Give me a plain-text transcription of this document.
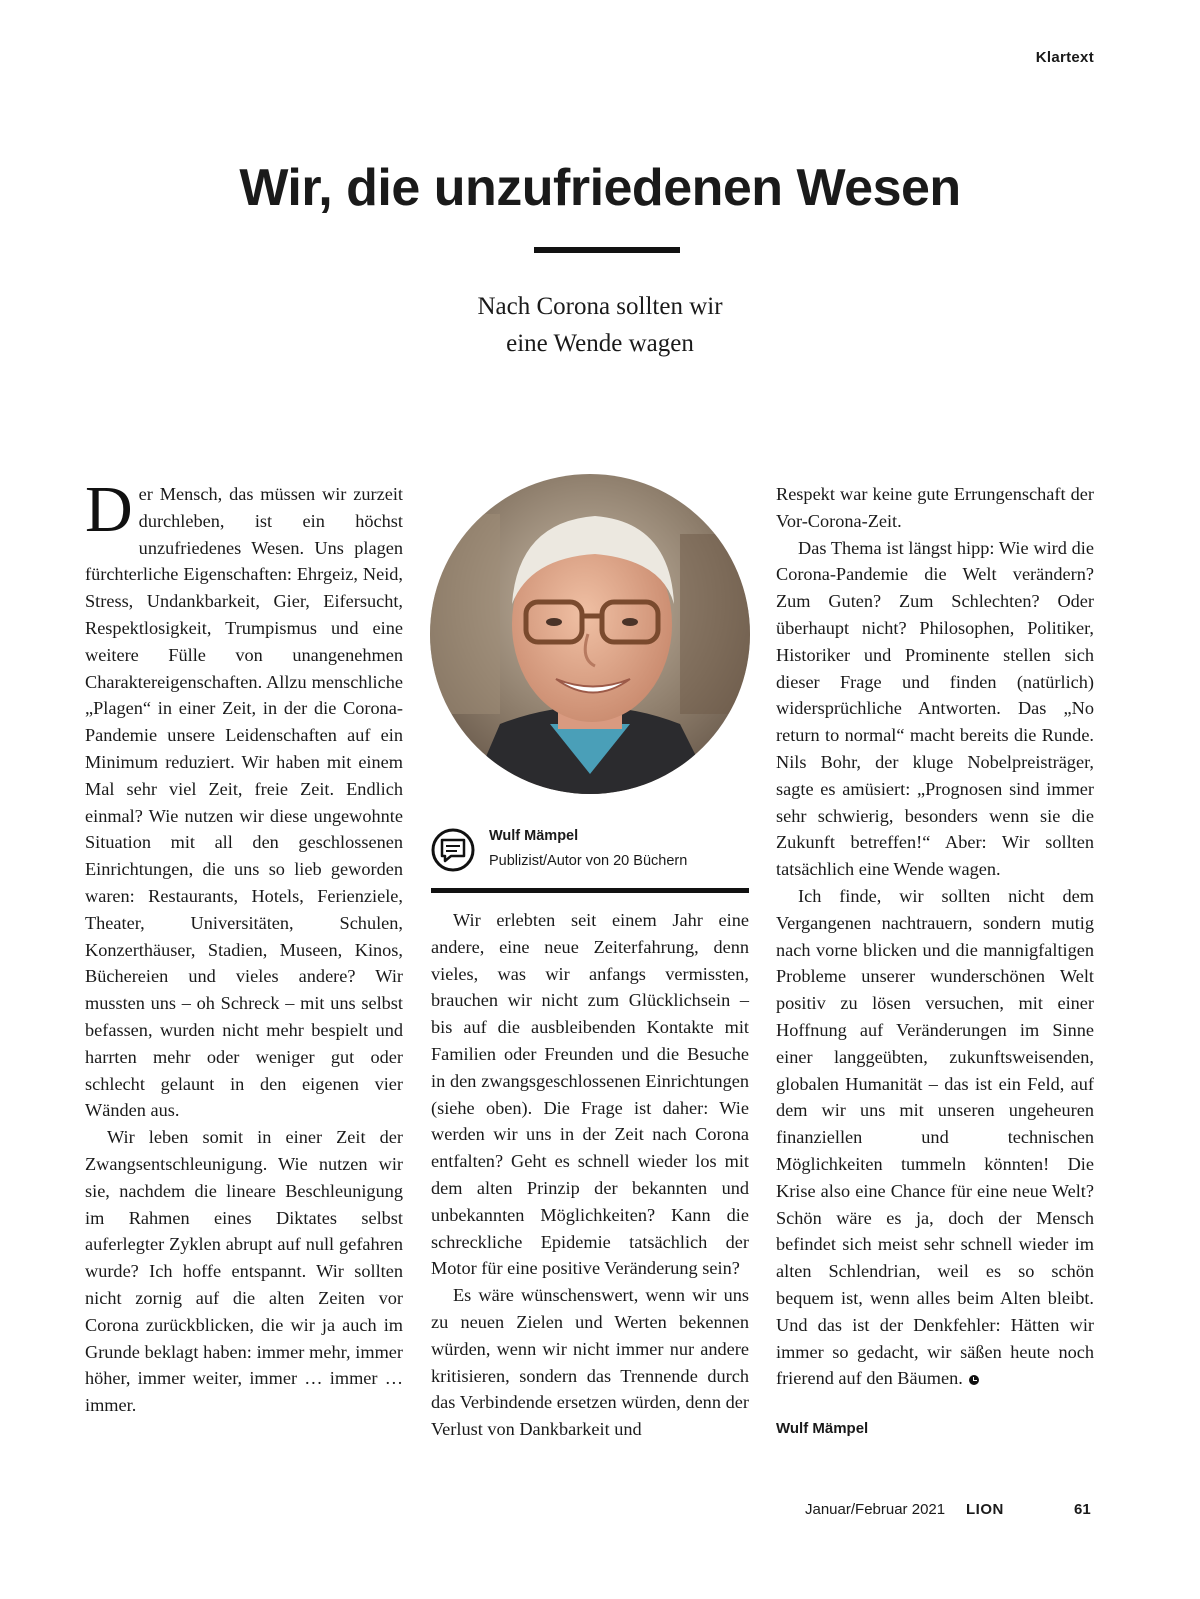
Klartext
Wir, die unzufriedenen Wesen
Nach Corona sollten wir
eine Wende wagen

Der Mensch, das müssen wir zurzeit durchleben, ist ein höchst unzufriedenes Wesen. Uns plagen fürchterliche Eigenschaften: Ehrgeiz, Neid, Stress, Undankbarkeit, Gier, Eifersucht, Respektlosigkeit, Trumpismus und eine weitere Fülle von unangenehmen Charaktereigenschaften. Allzu menschliche „Plagen“ in einer Zeit, in der die Corona-Pandemie unsere Leidenschaften auf ein Minimum reduziert. Wir haben mit einem Mal sehr viel Zeit, freie Zeit. Endlich einmal? Wie nutzen wir diese ungewohnte Situation mit all den geschlossenen Einrichtungen, die uns so lieb geworden waren: Restaurants, Hotels, Ferienziele, Theater, Universitäten, Schulen, Konzerthäuser, Stadien, Museen, Kinos, Büchereien und vieles andere? Wir mussten uns – oh Schreck – mit uns selbst befassen, wurden nicht mehr bespielt und harrten mehr oder weniger gut oder schlecht gelaunt in den eigenen vier Wänden aus.

Wir leben somit in einer Zeit der Zwangsentschleunigung. Wie nutzen wir sie, nachdem die lineare Beschleunigung im Rahmen eines Diktates selbst auferlegter Zyklen abrupt auf null gefahren wurde? Ich hoffe entspannt. Wir sollten nicht zornig auf die alten Zeiten vor Corona zurückblicken, die wir ja auch im Grunde beklagt haben: immer mehr, immer höher, immer weiter, immer … immer … immer.

Wulf Mämpel
Publizist/Autor von 20 Büchern

Wir erlebten seit einem Jahr eine andere, eine neue Zeiterfahrung, denn vieles, was wir anfangs vermissten, brauchen wir nicht zum Glücklichsein – bis auf die ausbleibenden Kontakte mit Familien oder Freunden und die Besuche in den zwangsgeschlossenen Einrichtungen (siehe oben). Die Frage ist daher: Wie werden wir uns in der Zeit nach Corona entfalten? Geht es schnell wieder los mit dem alten Prinzip der bekannten und unbekannten Möglichkeiten? Kann die schreckliche Epidemie tatsächlich der Motor für eine positive Veränderung sein?

Es wäre wünschenswert, wenn wir uns zu neuen Zielen und Werten bekennen würden, wenn wir nicht immer nur andere kritisieren, sondern das Trennende durch das Verbindende ersetzen würden, denn der Verlust von Dankbarkeit und

Respekt war keine gute Errungenschaft der Vor-Corona-Zeit.

Das Thema ist längst hipp: Wie wird die Corona-Pandemie die Welt verändern? Zum Guten? Zum Schlechten? Oder überhaupt nicht? Philosophen, Politiker, Historiker und Prominente stellen sich dieser Frage und finden (natürlich) widersprüchliche Antworten. Das „No return to normal“ macht bereits die Runde. Nils Bohr, der kluge Nobelpreisträger, sagte es amüsiert: „Prognosen sind immer sehr schwierig, besonders wenn sie die Zukunft betreffen!“ Aber: Wir sollten tatsächlich eine Wende wagen.

Ich finde, wir sollten nicht dem Vergangenen nachtrauern, sondern mutig nach vorne blicken und die mannigfaltigen Probleme unserer wunderschönen Welt positiv zu lösen versuchen, mit einer Hoffnung auf Veränderungen im Sinne einer langgeübten, zukunftsweisenden, globalen Humanität – das ist ein Feld, auf dem wir uns mit unseren ungeheuren finanziellen und technischen Möglichkeiten tummeln könnten! Die Krise also eine Chance für eine neue Welt? Schön wäre es ja, doch der Mensch befindet sich meist sehr schnell wieder im alten Schlendrian, weil es so schön bequem ist, wenn alles beim Alten bleibt. Und das ist der Denkfehler: Hätten wir immer so gedacht, wir säßen heute noch frierend auf den Bäumen.

Wulf Mämpel
Januar/Februar 2021 LION	61
